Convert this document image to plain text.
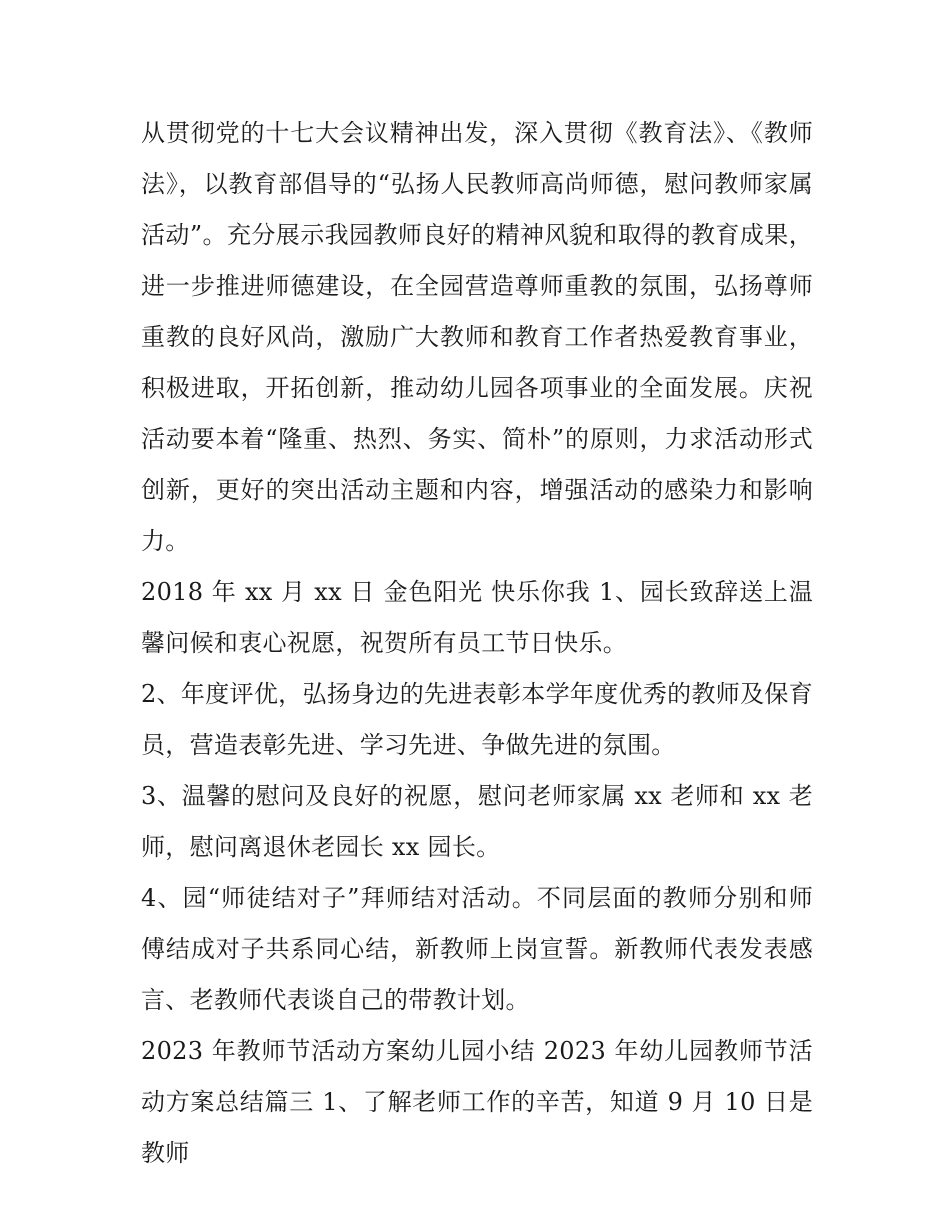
从贯彻党的十七大会议精神出发，深入贯彻《教育法》、《教师法》，以教育部倡导的“弘扬人民教师高尚师德，慰问教师家属活动”。充分展示我园教师良好的精神风貌和取得的教育成果，进一步推进师德建设，在全园营造尊师重教的氛围，弘扬尊师重教的良好风尚，激励广大教师和教育工作者热爱教育事业，积极进取，开拓创新，推动幼儿园各项事业的全面发展。庆祝活动要本着“隆重、热烈、务实、简朴”的原则，力求活动形式创新，更好的突出活动主题和内容，增强活动的感染力和影响力。

2018 年 xx 月 xx 日 金色阳光 快乐你我 1、园长致辞送上温馨问候和衷心祝愿，祝贺所有员工节日快乐。

2、年度评优，弘扬身边的先进表彰本学年度优秀的教师及保育员，营造表彰先进、学习先进、争做先进的氛围。

3、温馨的慰问及良好的祝愿，慰问老师家属 xx 老师和 xx 老师，慰问离退休老园长 xx 园长。

4、园“师徒结对子”拜师结对活动。不同层面的教师分别和师傅结成对子共系同心结，新教师上岗宣誓。新教师代表发表感言、老教师代表谈自己的带教计划。

2023 年教师节活动方案幼儿园小结 2023 年幼儿园教师节活动方案总结篇三 1、了解老师工作的辛苦，知道 9 月 10 日是教师
